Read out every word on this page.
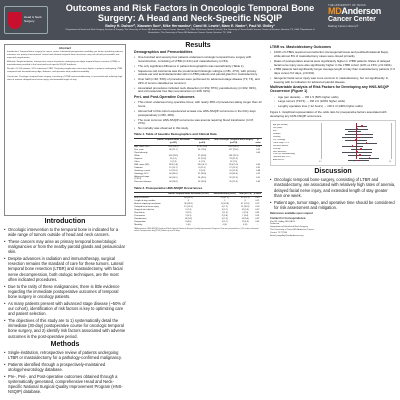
Head & Neck Surgery
Outcomes and Risk Factors in Oncologic Temporal Bone Surgery: A Head and Neck-Specific NSQIP
Bailey H. Duhon¹², Xiaowen Sun³, Mike Hernandez³, Carol M. Lewis¹, Marc E. Nader¹, Paul W. Gidley¹
¹Department of Head and Neck Surgery, Division of Surgery, The University of Texas MD Anderson Cancer Center, Houston, TX, USA. ²McGovern Medical School, The University of Texas Health Science Center at Houston, Houston, TX, USA. ³Department of Biostatistics, The University of Texas MD Anderson Cancer Center, Houston, TX, USA.
THE UNIVERSITY OF TEXAS
MDAnderson
Cancer Center
Making Cancer History®
Abstract

Introduction: Temporal bone surgery for cancer carries substantial perioperative morbidity, yet factors predicting adverse outcomes are poorly characterized. Lateral and subtotal temporal bone resections carry risk of both preventable and expected complications.

Methods: Single-institution, retrospective review of patients undergoing oncologic temporal bone resection (LTBR) or mastoidectomy enrolled in the head and neck-specific NSQIP database.

Results: Of 152 patients, 31% underwent LTBR. Thirty-day complication rates were higher in patients undergoing LTBR compared with mastoidectomy. Age, diabetes, and operative time predicted morbidity.

Conclusion: Oncologic temporal bone surgery, consisting of LTBR and mastoidectomy, is associated with relatively high rates of anemia, delayed facial nerve injury, and extended length of stay.

Introduction
• Oncologic intervention to the temporal bone is indicated for a wide range of tumors outside of head and neck cancers.
• These cancers may arise as primary temporal bone/otologic malignancies or from the nearby parotid glands and periauricular skin.
• Despite advances in radiation and immunotherapy, surgical resection remains the standard of care for these tumors. Lateral temporal bone resection (LTBR) and mastoidectomy, with facial nerve decompression, both otologic techniques, are the most often indicated procedures.
• Due to the rarity of these malignancies, there is little evidence regarding the immediate postoperative outcomes of temporal bone surgery in oncology patients.
• As many patients present with advanced stage disease (~50% of our cohort), identification of risk factors is key to optimizing care and patient selection.
• The objectives of this study are to 1) systematically detail the immediate (30-day) postoperative course for oncologic temporal bone surgery, and 2) identify risk factors associated with adverse outcomes in the post-operative period.
Methods
• Single-institution, retrospective review of patients undergoing LTBR or mastoidectomy for a pathology-confirmed malignancy.
• Patients identified through a prospectively-maintained otology/neurotology database.
• Pre-, Peri-, and Post-operative outcomes obtained through a systematically generated, comprehensive Head and Neck-Specific National Surgical Quality Improvement Program (HNS-NSQIP) database.
Results
Demographics and Premorbidities
• One-hundred and seventy-four patients underwent oncologic temporal bone surgery with reconstruction, consisting of LTBR (n=121) and mastoidectomy (n=53).
• The only significant difference in patient demographics was race/ethnicity (Table 1).
• Squamous cell carcinoma was the predominant histologic subtype (n=81, 47%), with primary outside ear and auricular/auricular skin in LTBR patients and parotid gland for mastoidectomy.
• Over half (n=92, 53%) of procedures were performed for advanced-stage disease (T3, T4), and 26% of tumors classified as recurrent.
• Associated procedures included neck dissection (n=152, 87%), parotidectomy (n=162, 93%), and microvascular free flap reconstruction (n=108, 62%).
Peri- and Post-Operative Outcomes
• This cohort underwent long operative times, with nearly 38% of procedures taking longer than 12 hours.
• Almost half of this cohort experienced at least one HNS-NSQIP occurrence in the thirty days postoperatively (n=89, 49%).
• The most common HNS-NSQIP occurrence was anemia requiring blood transfusion (n=47, 27%).
• No mortality was observed in this study.
Table 1. Table of baseline Demographics and Clinical Data
	Lateral Temporal Bone Resection (n=121)	Mastoidectomy (n=53)	Total Oncologic Temporal Bone Surgery (n=174)	p-value
Age, mean (SD)	61.6 (13.2)	62.4 (15.6)	61.8 (13.9)	0.74
Sex, male	88 (72.7)	39 (73.6)	127 (73.0)	0.91
Race/ethnicity				0.03
White	101 (83.5)	37 (69.8)	138 (79.3)	
Hispanic	11 (9.1)	12 (22.6)	23 (13.2)	
Other	9 (7.4)	4 (7.5)	13 (7.5)	
BMI, mean (SD)	28.6 (5.8)	28.0 (6.1)	28.4 (5.9)	0.54
Diabetes	19 (15.7)	8 (15.1)	27 (15.5)	0.92
Smoking, current	14 (11.6)	5 (9.4)	19 (10.9)	0.68
Histology: SCC	60 (49.6)	21 (39.6)	81 (46.6)	0.22
Advanced stage (T3/T4)	66 (54.5)	26 (49.1)	92 (52.9)	0.51
Recurrent disease	30 (24.8)	15 (28.3)	45 (25.9)	0.63
Table 2. Postoperative HNS-NSQIP Occurrences
	Lateral Temporal Bone Resection (n=121)	Mastoidectomy (n=53)	Total (n=174)	p-value
Any occurrence	64 (52.9)	25 (47.2)	89 (51.1)	0.49
Length of stay, median	6	5	6	0.21
Anemia requiring transfusion	36 (29.8)	11 (20.8)	47 (27.0)	0.22
Delayed facial nerve injury	15 (12.4)	4 (7.5)	19 (10.9)	0.34
Surgical site infection	9 (7.4)	3 (5.7)	12 (6.9)	0.67
Flap failure	3 (2.5)	1 (1.9)	4 (2.3)	0.81
Pneumonia	5 (4.1)	2 (3.8)	7 (4.0)	0.91
Readmission	10 (8.3)	4 (7.5)	14 (8.0)	0.87
Reoperation	8 (6.6)	3 (5.7)	11 (6.3)	0.81
Mortality	0 (0)	0 (0)	0 (0)	-
*Abbreviations: HNS-NSQIP, Head and Neck-Specific National Surgical Quality Improvement Program. Data are presented as n (%) unless otherwise noted. Postoperative day (POD) follow-up was 30 days.
LTBR vs. Mastoidectomy Outcomes
• 100% of LTBRs required reconstruction (locoregional tissue and pedicled/rotational flaps), while almost 8% of mastoidectomy cases were closed primarily.
• Rates of postoperative anemia were significantly higher in LTBR patients. Rates of delayed facial nerve injury were also significantly higher in the LTBR cohort (12% vs 15%, p=0.0161).
• LTBR patients had significantly longer average length of stay than mastoidectomy patients (7.0 days versus 5.0 days, p=0.001).
• Iatrogenic facial nerve injury was more common in mastoidectomy, but not significantly. In keeping with its indication for advanced parotid disease.
Multivariable Analysis of Risk Factors for Developing any HNS-NSQIP Occurrence (Figure 1)
◦ Age (per decade) → OR 1.5 (50% higher odds)
◦ Large tumors (T3/T4) → OR 2.0 (100% higher odds)
◦ Lengthy operative time (>12 hours) → OR 2.4 (140% higher odds)
Figure 1. Graphical representation of the odds ratio for preoperative factors associated with developing any HNS-NSQIP occurrence.
0.1	1	10
Age (per decade)
Sex (male)
BMI
Diabetes
Smoking
SCC histology
Tumor stage T3/T4
Recurrent disease
Free flap
Neck dissection
LTBR (vs. mastoidectomy)
Operative time >12 h
ASA class ≥3
Discussion
• Oncologic temporal bone surgery, consisting of LTBR and mastoidectomy, are associated with relatively high rates of anemia, delayed facial nerve injury, and extended length of stay greater than one week.
• Patient age, tumor stage, and operative time should be considered for risk assessment and mitigation.
References available upon request
Contact for Correspondence:
Paul W. Gidley, MD FACS
Professor
Department of Head and Neck Surgery
The University of Texas MD Anderson Cancer
Center, TX 77030
Email: pwgidley@mdanderson.org
